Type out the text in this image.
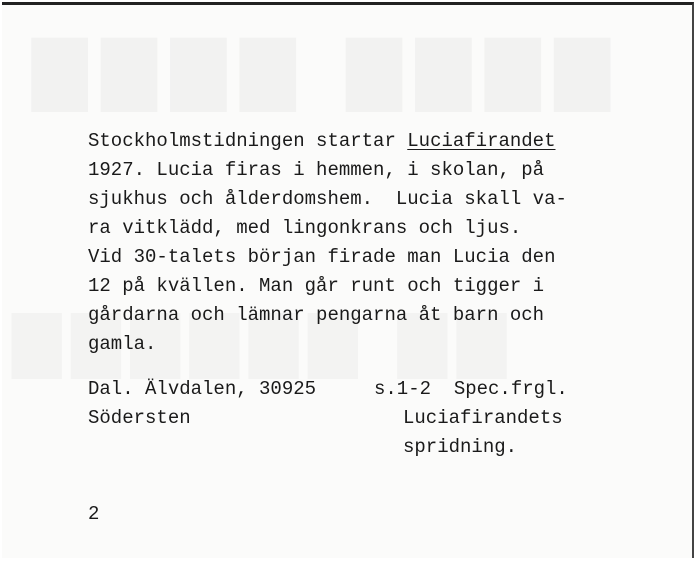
Stockholmstidningen startar Luciafirandet
1927. Lucia firas i hemmen, i skolan, på
sjukhus och ålderdomshem.  Lucia skall va-
ra vitklädd, med lingonkrans och ljus.
Vid 30-talets början firade man Lucia den
12 på kvällen. Man går runt och tigger i
gårdarna och lämnar pengarna åt barn och
gamla.
Dal. Älvdalen, 30925
Södersten
s.1-2  Spec.frgl.
Luciafirandets
spridning.
2
